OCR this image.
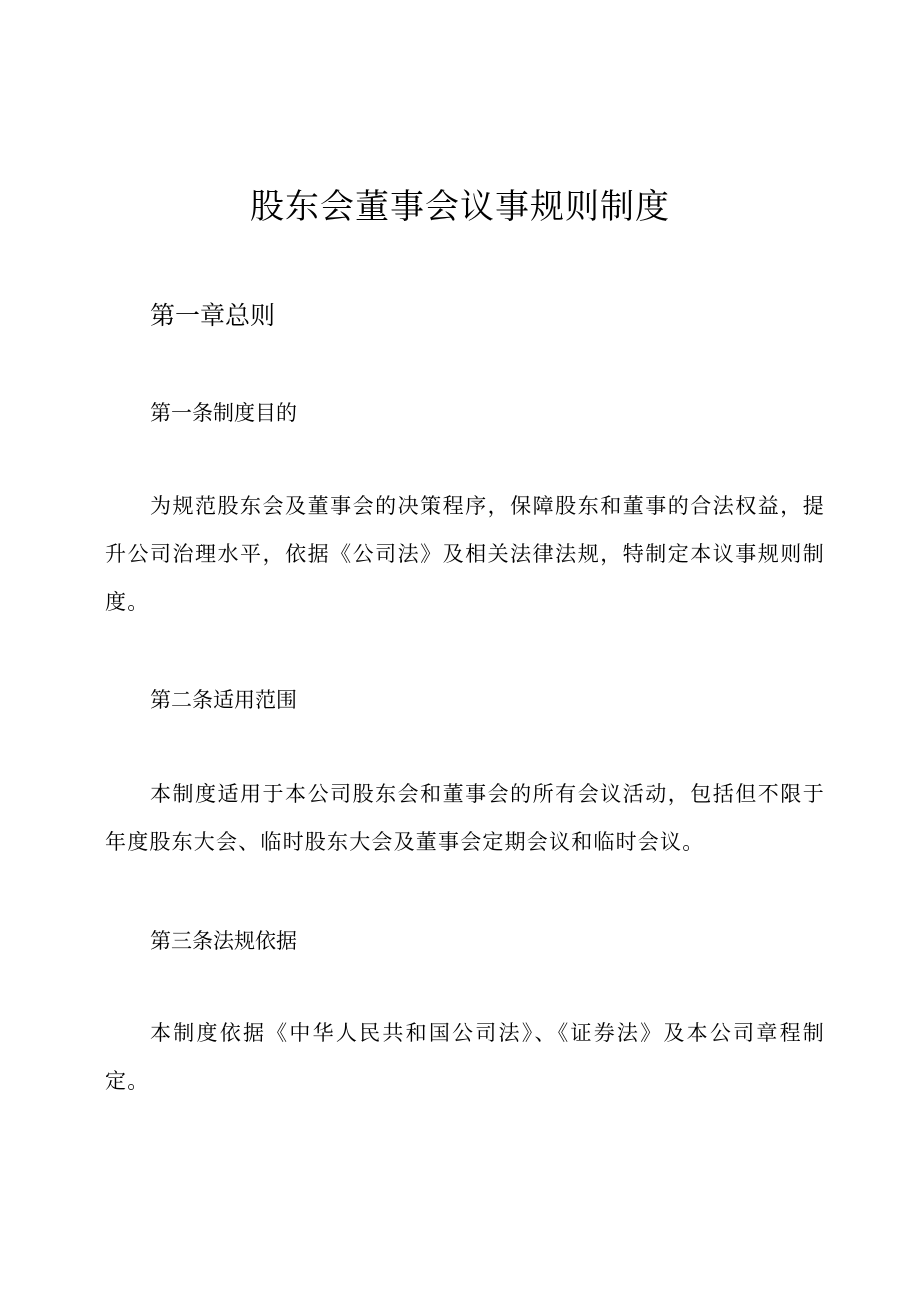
股东会董事会议事规则制度
第一章总则
第一条制度目的

为规范股东会及董事会的决策程序，保障股东和董事的合法权益，提升公司治理水平，依据《公司法》及相关法律法规，特制定本议事规则制度。

第二条适用范围

本制度适用于本公司股东会和董事会的所有会议活动，包括但不限于年度股东大会、临时股东大会及董事会定期会议和临时会议。

第三条法规依据

本制度依据《中华人民共和国公司法》、《证券法》及本公司章程制定。
